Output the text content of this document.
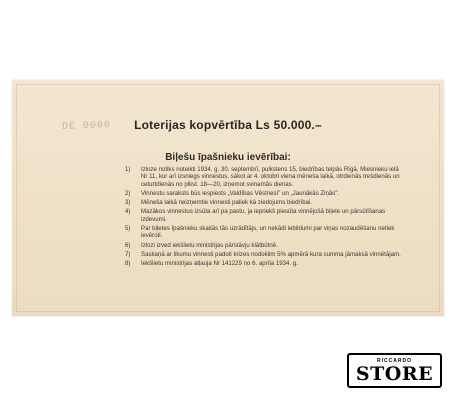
DE 0000	Loterijas kopvērtība Ls 50.000.–
Biļešu īpašnieku ievērībai:
1)	Izloze notiks noteikti 1934. g. 30. septembrī, pulkstens 15, biedrības telpās Rīgā, Miesnieku ielā Nr 11, kur arī izsniegs vinnestus, sākot ar 4. oktobri viena mēneša laikā, otrdienās trešdienās un ceturtdienās no plkst. 18—20, izņemot svinamās dienas.
2)	Vinnestu saraksts būs iespiests „Valdības Vēstnesī" un „Jaunākās Ziņās".
3)	Mēneša laikā neizņemtie vinnesti paliek kā ziedojums biedrībai.
4)	Mazākos vinnestus izsūta arī pa pastu, ja iepriekš piesūta vinnējošā biļete un pārsūtīšanas izdevumi.
5)	Par biļetes īpašnieku skaitās tās uzrādītājs, un nekādi iebildumi par viņas nozaudēšanu netiek ievēroti.
6)	Izlozi izved iekšlietu ministrijas pārstāvju klātbūtnē.
7)	Saskaņā ar likumu vinnesti padoti krizes nodoklim 5% apmērā kura summa jāmaksā vinnētājam.
8)	Iekšlietu ministrijas atļauja Nr 141229 no 6. aprīļa 1934. g.
RICCARDO
STORE
